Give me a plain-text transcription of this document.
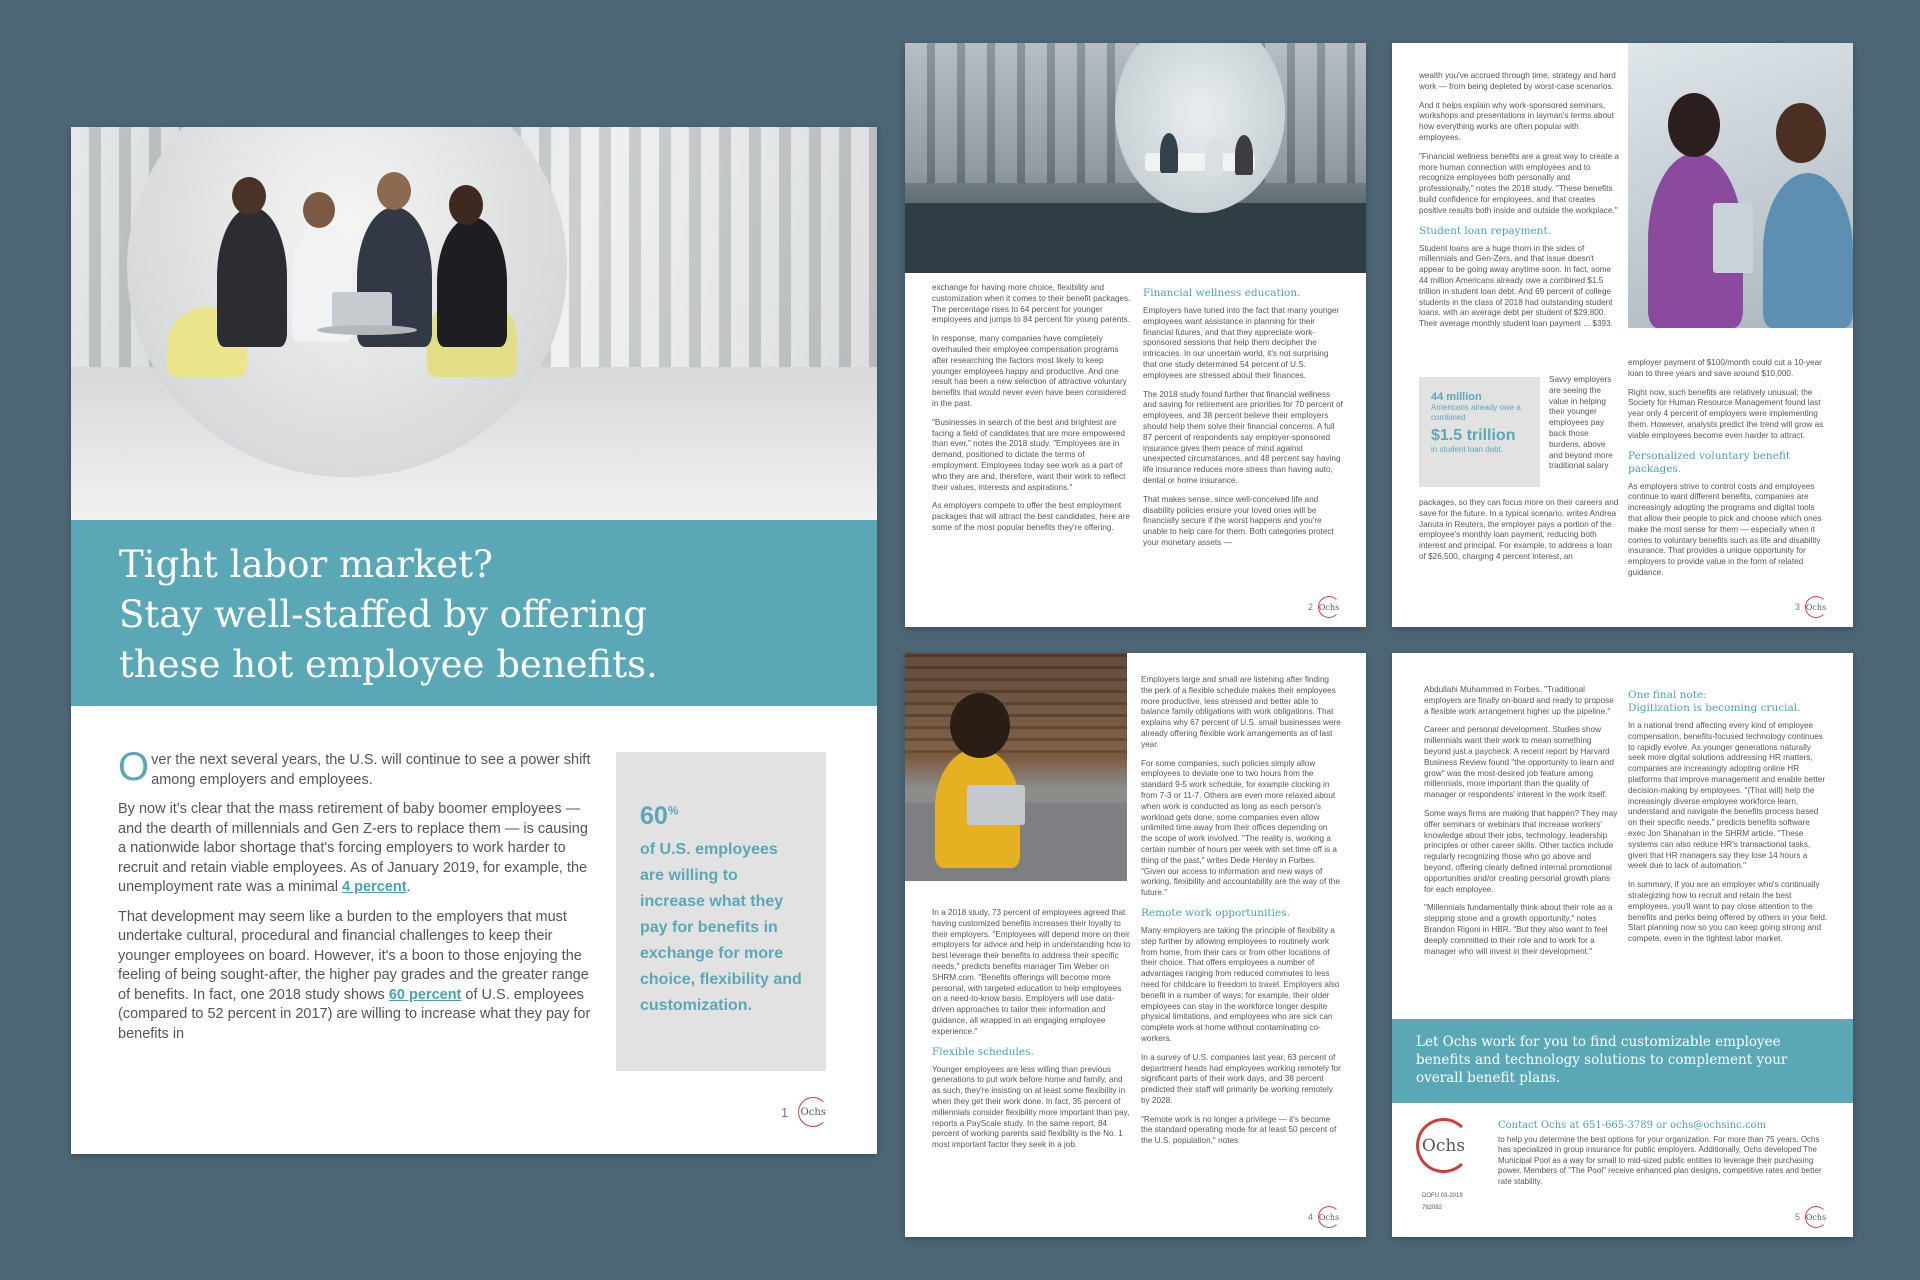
Tight labor market?
Stay well-staffed by offering
these hot employee benefits.

Over the next several years, the U.S. will continue to see a power shift among employers and employees.

By now it's clear that the mass retirement of baby boomer employees — and the dearth of millennials and Gen Z-ers to replace them — is causing a nationwide labor shortage that's forcing employers to work harder to recruit and retain viable employees. As of January 2019, for example, the unemployment rate was a minimal 4 percent.

That development may seem like a burden to the employers that must undertake cultural, procedural and financial challenges to keep their younger employees on board. However, it's a boon to those enjoying the feeling of being sought-after, the higher pay grades and the greater range of benefits. In fact, one 2018 study shows 60 percent of U.S. employees (compared to 52 percent in 2017) are willing to increase what they pay for benefits in

60%
of U.S. employees are willing to increase what they pay for benefits in exchange for more choice, flexibility and customization.
1 Ochs

exchange for having more choice, flexibility and customization when it comes to their benefit packages. The percentage rises to 64 percent for younger employees and jumps to 84 percent for young parents.

In response, many companies have completely overhauled their employee compensation programs after researching the factors most likely to keep younger employees happy and productive. And one result has been a new selection of attractive voluntary benefits that would never even have been considered in the past.

"Businesses in search of the best and brightest are facing a field of candidates that are more empowered than ever," notes the 2018 study. "Employees are in demand, positioned to dictate the terms of employment. Employees today see work as a part of who they are and, therefore, want their work to reflect their values, interests and aspirations."

As employers compete to offer the best employment packages that will attract the best candidates, here are some of the most popular benefits they're offering.

Financial wellness education.

Employers have tuned into the fact that many younger employees want assistance in planning for their financial futures, and that they appreciate work-sponsored sessions that help them decipher the intricacies. In our uncertain world, it's not surprising that one study determined 54 percent of U.S. employees are stressed about their finances.

The 2018 study found further that financial wellness and saving for retirement are priorities for 70 percent of employees, and 38 percent believe their employers should help them solve their financial concerns. A full 87 percent of respondents say employer-sponsored insurance gives them peace of mind against unexpected circumstances, and 48 percent say having life insurance reduces more stress than having auto, dental or home insurance.

That makes sense, since well-conceived life and disability policies ensure your loved ones will be financially secure if the worst happens and you're unable to help care for them. Both categories protect your monetary assets —

2 Ochs

wealth you've accrued through time, strategy and hard work — from being depleted by worst-case scenarios.

And it helps explain why work-sponsored seminars, workshops and presentations in layman's terms about how everything works are often popular with employees.

"Financial wellness benefits are a great way to create a more human connection with employees and to recognize employees both personally and professionally," notes the 2018 study. "These benefits build confidence for employees, and that creates positive results both inside and outside the workplace."

Student loan repayment.

Student loans are a huge thorn in the sides of millennials and Gen-Zers, and that issue doesn't appear to be going away anytime soon. In fact, some 44 million Americans already owe a combined $1.5 trillion in student loan debt. And 69 percent of college students in the class of 2018 had outstanding student loans, with an average debt per student of $29,800. Their average monthly student loan payment ... $393.

44 million
Americans already owe a combined
$1.5 trillion
in student loan debt.

Savvy employers are seeing the value in helping their younger employees pay back those burdens, above and beyond more traditional salary

packages, so they can focus more on their careers and save for the future. In a typical scenario, writes Andrea Januta in Reuters, the employer pays a portion of the employee's monthly loan payment, reducing both interest and principal. For example, to address a loan of $26,500, charging 4 percent interest, an

employer payment of $100/month could cut a 10-year loan to three years and save around $10,000.

Right now, such benefits are relatively unusual; the Society for Human Resource Management found last year only 4 percent of employers were implementing them. However, analysts predict the trend will grow as viable employees become even harder to attract.

Personalized voluntary benefit packages.

As employers strive to control costs and employees continue to want different benefits, companies are increasingly adopting the programs and digital tools that allow their people to pick and choose which ones make the most sense for them — especially when it comes to voluntary benefits such as life and disability insurance. That provides a unique opportunity for employers to provide value in the form of related guidance.

3 Ochs

In a 2018 study, 73 percent of employees agreed that having customized benefits increases their loyalty to their employers. "Employees will depend more on their employers for advice and help in understanding how to best leverage their benefits to address their specific needs," predicts benefits manager Tim Weber on SHRM.com. "Benefits offerings will become more personal, with targeted education to help employees on a need-to-know basis. Employers will use data-driven approaches to tailor their information and guidance, all wrapped in an engaging employee experience."

Flexible schedules.

Younger employees are less willing than previous generations to put work before home and family, and as such, they're insisting on at least some flexibility in when they get their work done. In fact, 35 percent of millennials consider flexibility more important than pay, reports a PayScale study. In the same report, 84 percent of working parents said flexibility is the No. 1 most important factor they seek in a job.

Employers large and small are listening after finding the perk of a flexible schedule makes their employees more productive, less stressed and better able to balance family obligations with work obligations. That explains why 67 percent of U.S. small businesses were already offering flexible work arrangements as of last year.

For some companies, such policies simply allow employees to deviate one to two hours from the standard 9-5 work schedule, for example clocking in from 7-3 or 11-7. Others are even more relaxed about when work is conducted as long as each person's workload gets done; some companies even allow unlimited time away from their offices depending on the scope of work involved. "The reality is, working a certain number of hours per week with set time off is a thing of the past," writes Dede Henley in Forbes. "Given our access to information and new ways of working, flexibility and accountability are the way of the future."

Remote work opportunities.

Many employers are taking the principle of flexibility a step further by allowing employees to routinely work from home, from their cars or from other locations of their choice. That offers employees a number of advantages ranging from reduced commutes to less need for childcare to freedom to travel. Employers also benefit in a number of ways; for example, their older employees can stay in the workforce longer despite physical limitations, and employees who are sick can complete work at home without contaminating co-workers.

In a survey of U.S. companies last year, 63 percent of department heads had employees working remotely for significant parts of their work days, and 38 percent predicted their staff will primarily be working remotely by 2028.

"Remote work is no longer a privilege — it's become the standard operating mode for at least 50 percent of the U.S. population," notes

4 Ochs

Abdullahi Muhammed in Forbes. "Traditional employers are finally on-board and ready to propose a flexible work arrangement higher up the pipeline."

Career and personal development. Studies show millennials want their work to mean something beyond just a paycheck. A recent report by Harvard Business Review found "the opportunity to learn and grow" was the most-desired job feature among millennials, more important than the quality of manager or respondents' interest in the work itself.

Some ways firms are making that happen? They may offer seminars or webinars that increase workers' knowledge about their jobs, technology, leadership principles or other career skills. Other tactics include regularly recognizing those who go above and beyond, offering clearly defined internal promotional opportunities and/or creating personal growth plans for each employee.

"Millennials fundamentally think about their role as a stepping stone and a growth opportunity," notes Brandon Rigoni in HBR. "But they also want to feel deeply committed to their role and to work for a manager who will invest in their development."

One final note:
Digitization is becoming crucial.

In a national trend affecting every kind of employee compensation, benefits-focused technology continues to rapidly evolve. As younger generations naturally seek more digital solutions addressing HR matters, companies are increasingly adopting online HR platforms that improve management and enable better decision-making by employees. "(That will) help the increasingly diverse employee workforce learn, understand and navigate the benefits process based on their specific needs," predicts benefits software exec Jon Shanahan in the SHRM article. "These systems can also reduce HR's transactional tasks, given that HR managers say they lose 14 hours a week due to lack of automation."

In summary, if you are an employer who's continually strategizing how to recruit and retain the best employees, you'll want to pay close attention to the benefits and perks being offered by others in your field. Start planning now so you can keep going strong and compete, even in the tightest labor market.

Let Ochs work for you to find customizable employee benefits and technology solutions to complement your overall benefit plans.
Ochs
Contact Ochs at 651-665-3789 or ochs@ochsinc.com
to help you determine the best options for your organization. For more than 75 years, Ochs has specialized in group insurance for public employers. Additionally, Ochs developed The Municipal Pool as a way for small to mid-sized public entities to leverage their purchasing power. Members of "The Pool" receive enhanced plan designs, competitive rates and better rate stability.
DOFU 03-2019
782082
5 Ochs
